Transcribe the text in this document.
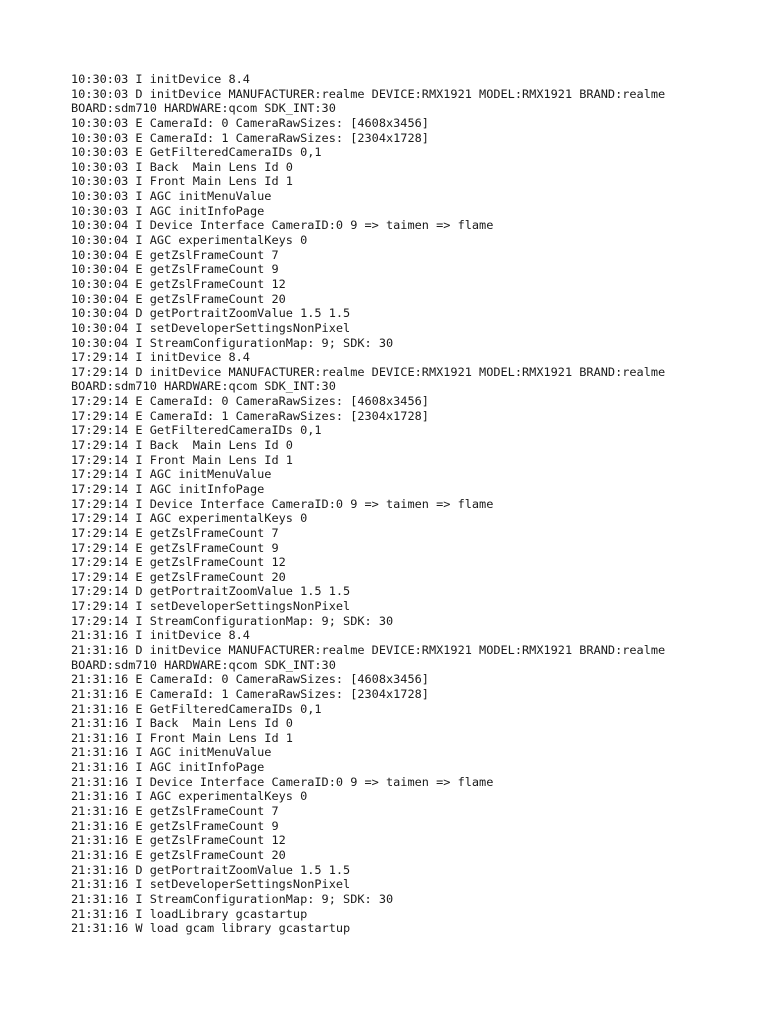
10:30:03 I initDevice 8.4
10:30:03 D initDevice MANUFACTURER:realme DEVICE:RMX1921 MODEL:RMX1921 BRAND:realme
BOARD:sdm710 HARDWARE:qcom SDK_INT:30
10:30:03 E CameraId: 0 CameraRawSizes: [4608x3456]
10:30:03 E CameraId: 1 CameraRawSizes: [2304x1728]
10:30:03 E GetFilteredCameraIDs 0,1
10:30:03 I Back  Main Lens Id 0
10:30:03 I Front Main Lens Id 1
10:30:03 I AGC initMenuValue
10:30:03 I AGC initInfoPage
10:30:04 I Device Interface CameraID:0 9 => taimen => flame
10:30:04 I AGC experimentalKeys 0
10:30:04 E getZslFrameCount 7
10:30:04 E getZslFrameCount 9
10:30:04 E getZslFrameCount 12
10:30:04 E getZslFrameCount 20
10:30:04 D getPortraitZoomValue 1.5 1.5
10:30:04 I setDeveloperSettingsNonPixel
10:30:04 I StreamConfigurationMap: 9; SDK: 30
17:29:14 I initDevice 8.4
17:29:14 D initDevice MANUFACTURER:realme DEVICE:RMX1921 MODEL:RMX1921 BRAND:realme
BOARD:sdm710 HARDWARE:qcom SDK_INT:30
17:29:14 E CameraId: 0 CameraRawSizes: [4608x3456]
17:29:14 E CameraId: 1 CameraRawSizes: [2304x1728]
17:29:14 E GetFilteredCameraIDs 0,1
17:29:14 I Back  Main Lens Id 0
17:29:14 I Front Main Lens Id 1
17:29:14 I AGC initMenuValue
17:29:14 I AGC initInfoPage
17:29:14 I Device Interface CameraID:0 9 => taimen => flame
17:29:14 I AGC experimentalKeys 0
17:29:14 E getZslFrameCount 7
17:29:14 E getZslFrameCount 9
17:29:14 E getZslFrameCount 12
17:29:14 E getZslFrameCount 20
17:29:14 D getPortraitZoomValue 1.5 1.5
17:29:14 I setDeveloperSettingsNonPixel
17:29:14 I StreamConfigurationMap: 9; SDK: 30
21:31:16 I initDevice 8.4
21:31:16 D initDevice MANUFACTURER:realme DEVICE:RMX1921 MODEL:RMX1921 BRAND:realme
BOARD:sdm710 HARDWARE:qcom SDK_INT:30
21:31:16 E CameraId: 0 CameraRawSizes: [4608x3456]
21:31:16 E CameraId: 1 CameraRawSizes: [2304x1728]
21:31:16 E GetFilteredCameraIDs 0,1
21:31:16 I Back  Main Lens Id 0
21:31:16 I Front Main Lens Id 1
21:31:16 I AGC initMenuValue
21:31:16 I AGC initInfoPage
21:31:16 I Device Interface CameraID:0 9 => taimen => flame
21:31:16 I AGC experimentalKeys 0
21:31:16 E getZslFrameCount 7
21:31:16 E getZslFrameCount 9
21:31:16 E getZslFrameCount 12
21:31:16 E getZslFrameCount 20
21:31:16 D getPortraitZoomValue 1.5 1.5
21:31:16 I setDeveloperSettingsNonPixel
21:31:16 I StreamConfigurationMap: 9; SDK: 30
21:31:16 I loadLibrary gcastartup
21:31:16 W load gcam library gcastartup
